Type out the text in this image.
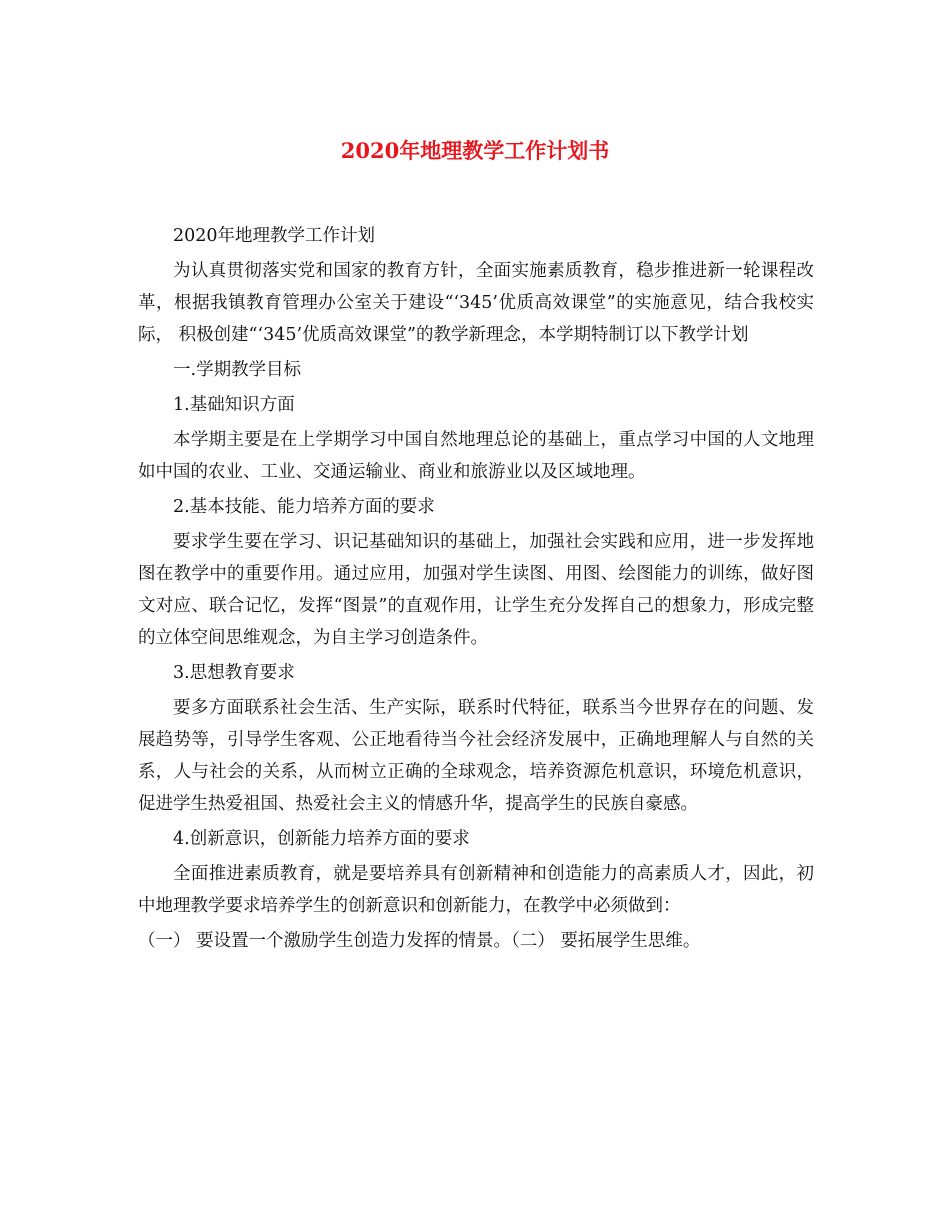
2020年地理教学工作计划书

2020年地理教学工作计划

为认真贯彻落实党和国家的教育方针，全面实施素质教育，稳步推进新一轮课程改革，根据我镇教育管理办公室关于建设“‘345’优质高效课堂”的实施意见，结合我校实际， 积极创建“‘345’优质高效课堂”的教学新理念，本学期特制订以下教学计划

一.学期教学目标

1.基础知识方面

本学期主要是在上学期学习中国自然地理总论的基础上，重点学习中国的人文地理如中国的农业、工业、交通运输业、商业和旅游业以及区域地理。

2.基本技能、能力培养方面的要求

要求学生要在学习、识记基础知识的基础上，加强社会实践和应用，进一步发挥地图在教学中的重要作用。通过应用，加强对学生读图、用图、绘图能力的训练，做好图文对应、联合记忆，发挥“图景”的直观作用，让学生充分发挥自己的想象力，形成完整的立体空间思维观念，为自主学习创造条件。

3.思想教育要求

要多方面联系社会生活、生产实际，联系时代特征，联系当今世界存在的问题、发展趋势等，引导学生客观、公正地看待当今社会经济发展中，正确地理解人与自然的关系，人与社会的关系，从而树立正确的全球观念，培养资源危机意识，环境危机意识，促进学生热爱祖国、热爱社会主义的情感升华，提高学生的民族自豪感。

4.创新意识，创新能力培养方面的要求

全面推进素质教育，就是要培养具有创新精神和创造能力的高素质人才，因此，初中地理教学要求培养学生的创新意识和创新能力，在教学中必须做到：

（一） 要设置一个激励学生创造力发挥的情景。（二） 要拓展学生思维。
